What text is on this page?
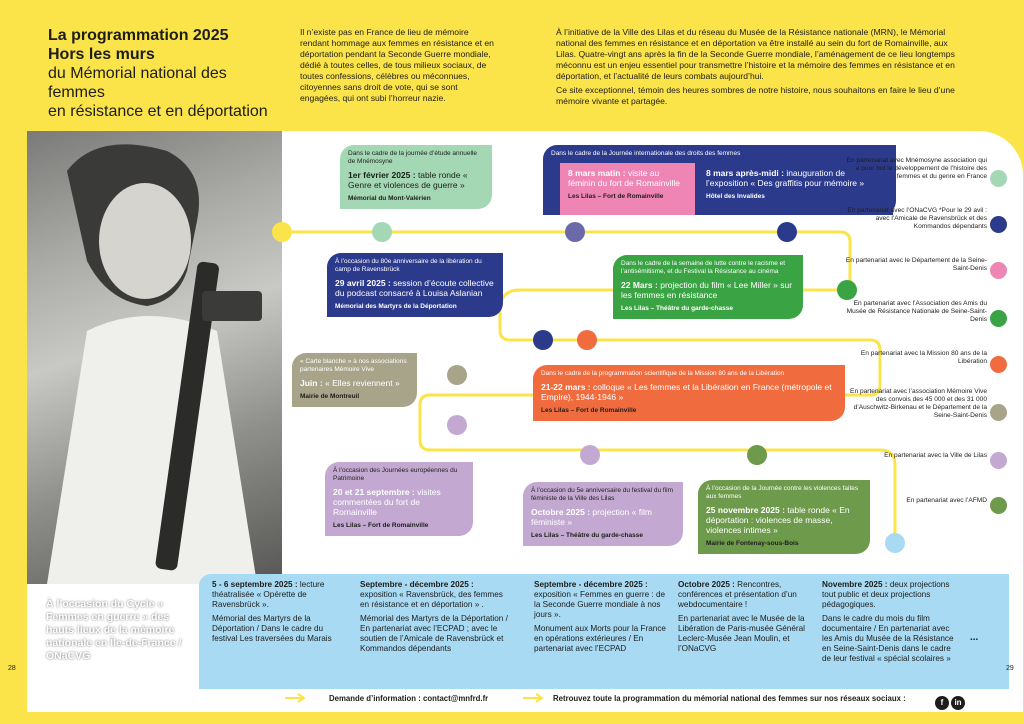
La programmation 2025
Hors les murs
du Mémorial national des femmes
en résistance et en déportation
Il n’existe pas en France de lieu de mémoire rendant hommage aux femmes en résistance et en déportation pendant la Seconde Guerre mondiale, dédié à toutes celles, de tous milieux sociaux, de toutes confessions, célèbres ou méconnues, citoyennes sans droit de vote, qui se sont engagées, qui ont subi l’horreur nazie.

À l’initiative de la Ville des Lilas et du réseau du Musée de la Résistance nationale (MRN), le Mémorial national des femmes en résistance et en déportation va être installé au sein du fort de Romainville, aux Lilas. Quatre-vingt ans après la fin de la Seconde Guerre mondiale, l’aménagement de ce lieu longtemps méconnu est un enjeu essentiel pour transmettre l’histoire et la mémoire des femmes en résistance et en déportation, et l’actualité de leurs combats aujourd’hui.

Ce site exceptionnel, témoin des heures sombres de notre histoire, nous souhaitons en faire le lieu d’une mémoire vivante et partagée.

À l’occasion du Cycle « Femmes en guerre » des hauts lieux de la mémoire nationale en Île-de-France / ONaCVG
Dans le cadre de la journée d’étude annuelle de Mnémosyne
1er février 2025 : table ronde « Genre et violences de guerre »
Mémorial du Mont-Valérien
Dans le cadre de la Journée internationale des droits des femmes
8 mars matin : visite au féminin du fort de Romainville
Les Lilas – Fort de Romainville
8 mars après-midi : inauguration de l’exposition « Des graffitis pour mémoire »
Hôtel des Invalides
À l’occasion du 80e anniversaire de la libération du camp de Ravensbrück
29 avril 2025 : session d’écoute collective du podcast consacré à Louisa Aslanian
Mémorial des Martyrs de la Déportation
Dans le cadre de la semaine de lutte contre le racisme et l’antisémitisme, et du Festival la Résistance au cinéma
22 Mars : projection du film « Lee Miller » sur les femmes en résistance
Les Lilas – Théâtre du garde-chasse
« Carte blanche » à nos associations partenaires Mémoire Vive
Juin : « Elles reviennent »
Mairie de Montreuil
Dans le cadre de la programmation scientifique de la Mission 80 ans de la Libération
21-22 mars : colloque « Les femmes et la Libération en France (métropole et Empire), 1944-1946 »
Les Lilas – Fort de Romainville
À l’occasion des Journées européennes du Patrimoine
20 et 21 septembre : visites commentées du fort de Romainville
Les Lilas – Fort de Romainville
À l’occasion du 5e anniversaire du festival du film féministe de la Ville des Lilas
Octobre 2025 : projection « film féministe »
Les Lilas – Théâtre du garde-chasse
À l’occasion de la Journée contre les violences faites aux femmes
25 novembre 2025 : table ronde « En déportation : violences de masse, violences intimes »
Mairie de Fontenay-sous-Bois
En partenariat avec Mnémosyne association qui a pour but le développement de l’histoire des femmes et du genre en France
En partenariat avec l’ONaCVG *Pour le 29 avil : avec l’Amicale de Ravensbrück et des Kommandos dépendants
En partenariat avec le Département de la Seine-Saint-Denis
En partenariat avec l’Association des Amis du Musée de Résistance Nationale de Seine-Saint-Denis
En partenariat avec la Mission 80 ans de la Libération
En partenariat avec l’association Mémoire Vive des convois des 45 000 et des 31 000 d’Auschwitz-Birkenau et le Département de la Seine-Saint-Denis
En partenariat avec la Ville de Lilas
En partenariat avec l’AFMD
5 - 6 septembre 2025 : lecture théatralisée « Opérette de Ravensbrück ».
Mémorial des Martyrs de la Déportation / Dans le cadre du festival Les traversées du Marais
Septembre - décembre 2025 : exposition « Ravensbrück, des femmes en résistance et en déportation » .
Mémorial des Martyrs de la Déportation / En partenariat avec l’ECPAD ; avec le soutien de l’Amicale de Ravensbrück et Kommandos dépendants
Septembre - décembre 2025 : exposition « Femmes en guerre : de la Seconde Guerre mondiale à nos jours ».
Monument aux Morts pour la France en opérations extérieures / En partenariat avec l’ECPAD
Octobre 2025 : Rencontres, conférences et présentation d’un webdocumentaire !
En partenariat avec le Musée de la Libération de Paris-musée Général Leclerc-Musée Jean Moulin, et l’ONaCVG
Novembre 2025 : deux projections tout public et deux projections pédagogiques.
Dans le cadre du mois du film documentaire / En partenariat avec les Amis du Musée de la Résistance en Seine-Saint-Denis dans le cadre de leur festival « spécial scolaires »
...
Demande d’information : contact@mnfrd.fr	Retrouvez toute la programmation du mémorial national des femmes sur nos réseaux sociaux :	f	in
28	29
